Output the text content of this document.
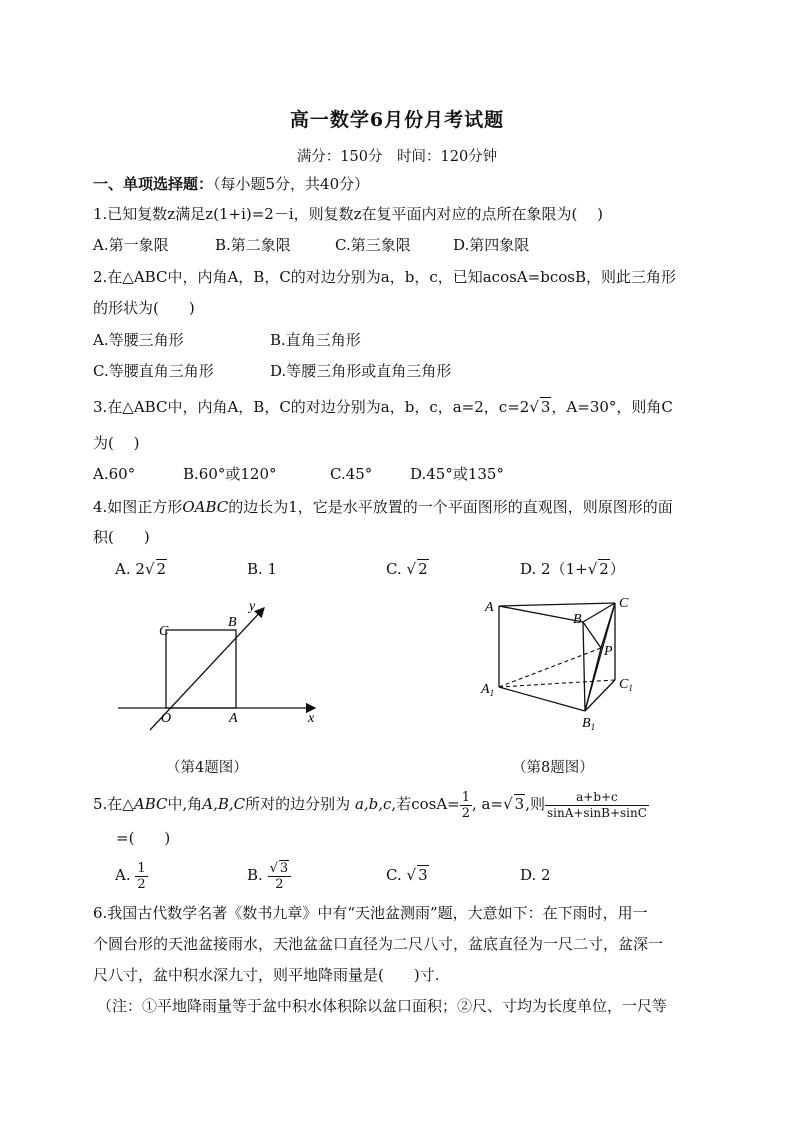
高一数学6月份月考试题
满分：150分　时间：120分钟
一、单项选择题：（每小题5分，共40分）
1.已知复数z满足z(1+i)=2－i，则复数z在复平面内对应的点所在象限为(　 )
A.第一象限	B.第二象限	C.第三象限	D.第四象限
2.在△ABC中，内角A，B，C的对边分别为a，b，c，已知acosA=bcosB，则此三角形
的形状为(　　)
A.等腰三角形	B.直角三角形
C.等腰直角三角形	D.等腰三角形或直角三角形
3.在△ABC中，内角A，B，C的对边分别为a，b，c，a=2，c=2√ 3，A=30°，则角C
为(　 )
A.60°	B.60°或120°	C.45°	D.45°或135°
4.如图正方形OABC的边长为1，它是水平放置的一个平面图形的直观图，则原图形的面
积(　　)
A. 2√ 2	B. 1	C. √ 2	D. 2（1+√ 2）
C
B
O	A	x
y
（第4题图）
A
B
C
P
$A_1$
$C_1$
$B_1$
（第8题图）
5.在△ABC中,角A,B,C所对的边分别为 a,b,c,若$\cos A= \frac{1}{2}$ , a=√ 3,则 $\frac{a+b+c}{\sin A+\sin B+\sin C}$
=(　　)
A. $\frac{1}{2}$	B. $\frac{√ 3}{2}$	C. √ 3	D. 2
6.我国古代数学名著《数书九章》中有“天池盆测雨”题，大意如下：在下雨时，用一
个圆台形的天池盆接雨水，天池盆盆口直径为二尺八寸，盆底直径为一尺二寸，盆深一
尺八寸，盆中积水深九寸，则平地降雨量是(　　)寸.
（注：①平地降雨量等于盆中积水体积除以盆口面积；②尺、寸均为长度单位，一尺等
